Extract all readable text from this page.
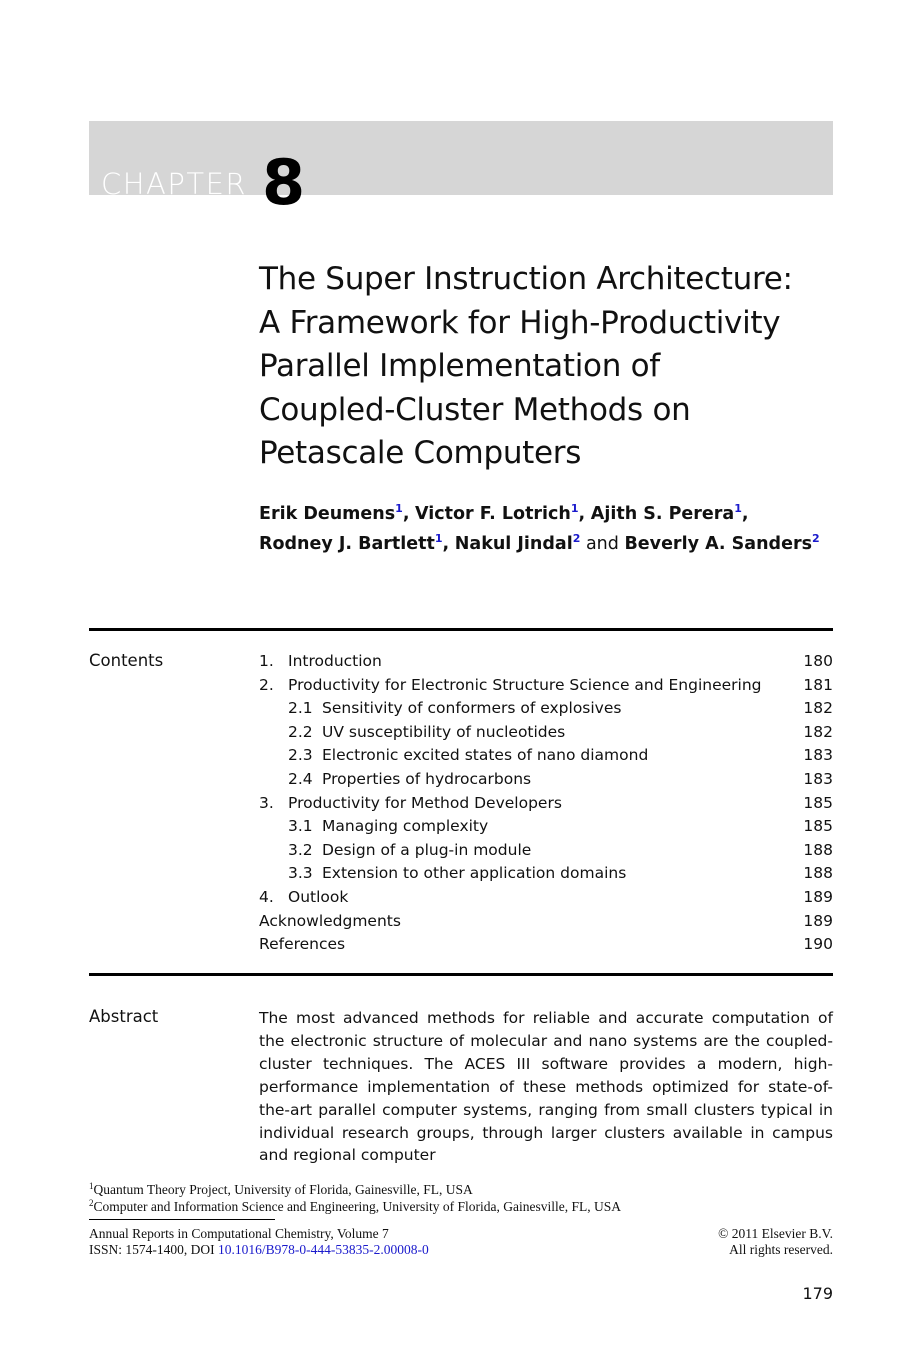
CHAPTER 8
The Super Instruction Architecture:
A Framework for High-Productivity
Parallel Implementation of
Coupled-Cluster Methods on
Petascale Computers
Erik Deumens$^1$, Victor F. Lotrich$^1$, Ajith S. Perera$^1$,
Rodney J. Bartlett$^1$, Nakul Jindal$^2$ and Beverly A. Sanders$^2$
Contents	1. Introduction	180
2. Productivity for Electronic Structure Science and Engineering	181
2.1 Sensitivity of conformers of explosives	182
2.2 UV susceptibility of nucleotides	182
2.3 Electronic excited states of nano diamond	183
2.4 Properties of hydrocarbons	183
3. Productivity for Method Developers	185
3.1 Managing complexity	185
3.2 Design of a plug-in module	188
3.3 Extension to other application domains	188
4. Outlook	189
Acknowledgments	189
References	190
Abstract	The most advanced methods for reliable and accurate computation of the electronic structure of molecular and nano systems are the coupled-cluster techniques. The ACES III software provides a modern, high-performance implementation of these methods optimized for state-of-the-art parallel computer systems, ranging from small clusters typical in individual research groups, through larger clusters available in campus and regional computer
$^1$Quantum Theory Project, University of Florida, Gainesville, FL, USA
$^2$Computer and Information Science and Engineering, University of Florida, Gainesville, FL, USA
Annual Reports in Computational Chemistry, Volume 7
ISSN: 1574-1400, DOI 10.1016/B978-0-444-53835-2.00008-0
© 2011 Elsevier B.V.
All rights reserved.
179
